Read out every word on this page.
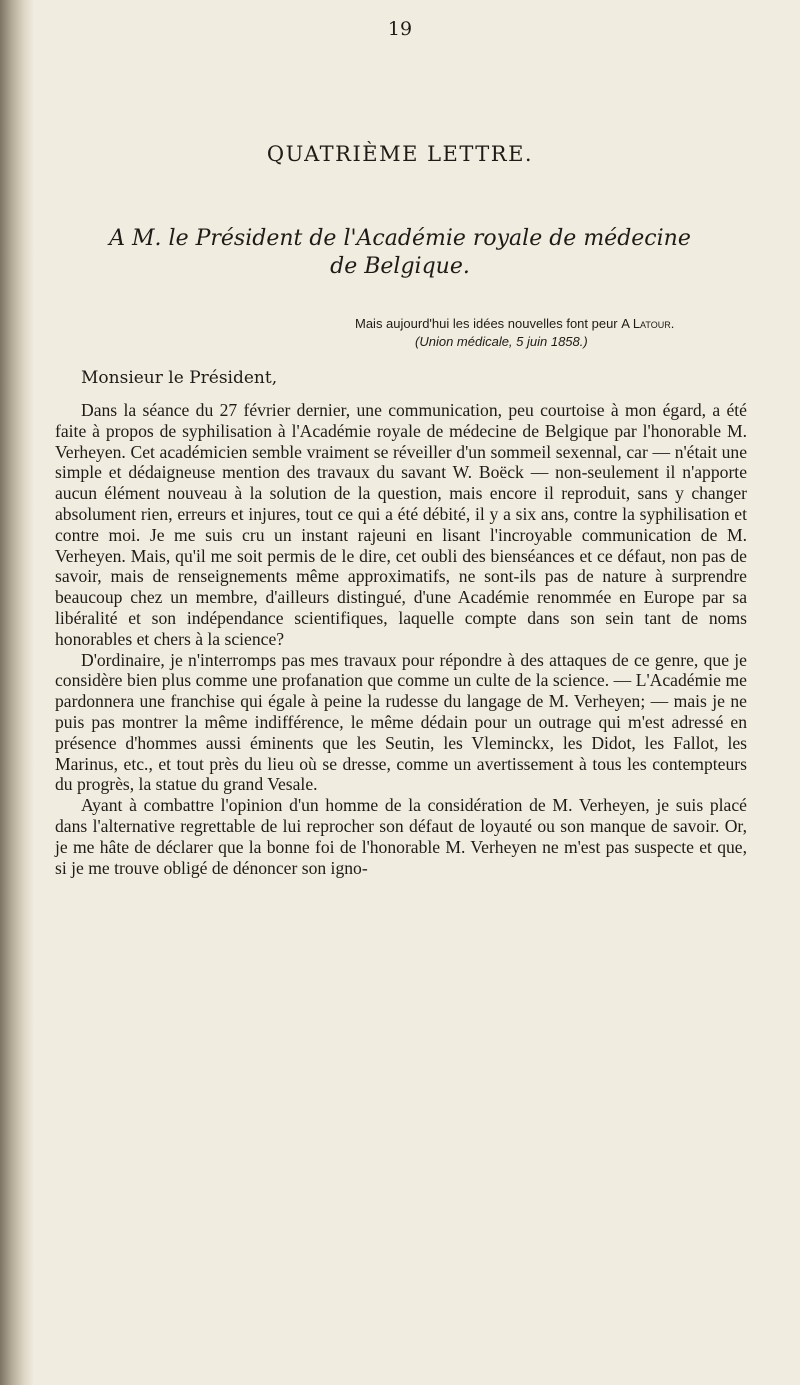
19
QUATRIÈME LETTRE.
A M. le Président de l'Académie royale de médecine
de Belgique.
Mais aujourd'hui les idées nouvelles font peur A Latour.
(Union médicale, 5 juin 1858.)
Monsieur le Président,

Dans la séance du 27 février dernier, une communication, peu courtoise à mon égard, a été faite à propos de syphilisation à l'Académie royale de médecine de Belgique par l'honorable M. Verheyen. Cet académicien semble vraiment se réveiller d'un sommeil sexennal, car — n'était une simple et dédaigneuse mention des travaux du savant W. Boëck — non-seulement il n'apporte aucun élément nouveau à la solution de la question, mais encore il reproduit, sans y changer absolument rien, erreurs et injures, tout ce qui a été débité, il y a six ans, contre la syphilisation et contre moi. Je me suis cru un instant rajeuni en lisant l'incroyable communication de M. Verheyen. Mais, qu'il me soit permis de le dire, cet oubli des bienséances et ce défaut, non pas de savoir, mais de renseignements même approximatifs, ne sont-ils pas de nature à surprendre beaucoup chez un membre, d'ailleurs distingué, d'une Académie renommée en Europe par sa libéralité et son indépendance scientifiques, laquelle compte dans son sein tant de noms honorables et chers à la science?

D'ordinaire, je n'interromps pas mes travaux pour répondre à des attaques de ce genre, que je considère bien plus comme une profanation que comme un culte de la science. — L'Académie me pardonnera une franchise qui égale à peine la rudesse du langage de M. Verheyen; — mais je ne puis pas montrer la même indifférence, le même dédain pour un outrage qui m'est adressé en présence d'hommes aussi éminents que les Seutin, les Vleminckx, les Didot, les Fallot, les Marinus, etc., et tout près du lieu où se dresse, comme un avertissement à tous les contempteurs du progrès, la statue du grand Vesale.

Ayant à combattre l'opinion d'un homme de la considération de M. Verheyen, je suis placé dans l'alternative regrettable de lui reprocher son défaut de loyauté ou son manque de savoir. Or, je me hâte de déclarer que la bonne foi de l'honorable M. Verheyen ne m'est pas suspecte et que, si je me trouve obligé de dénoncer son igno-
